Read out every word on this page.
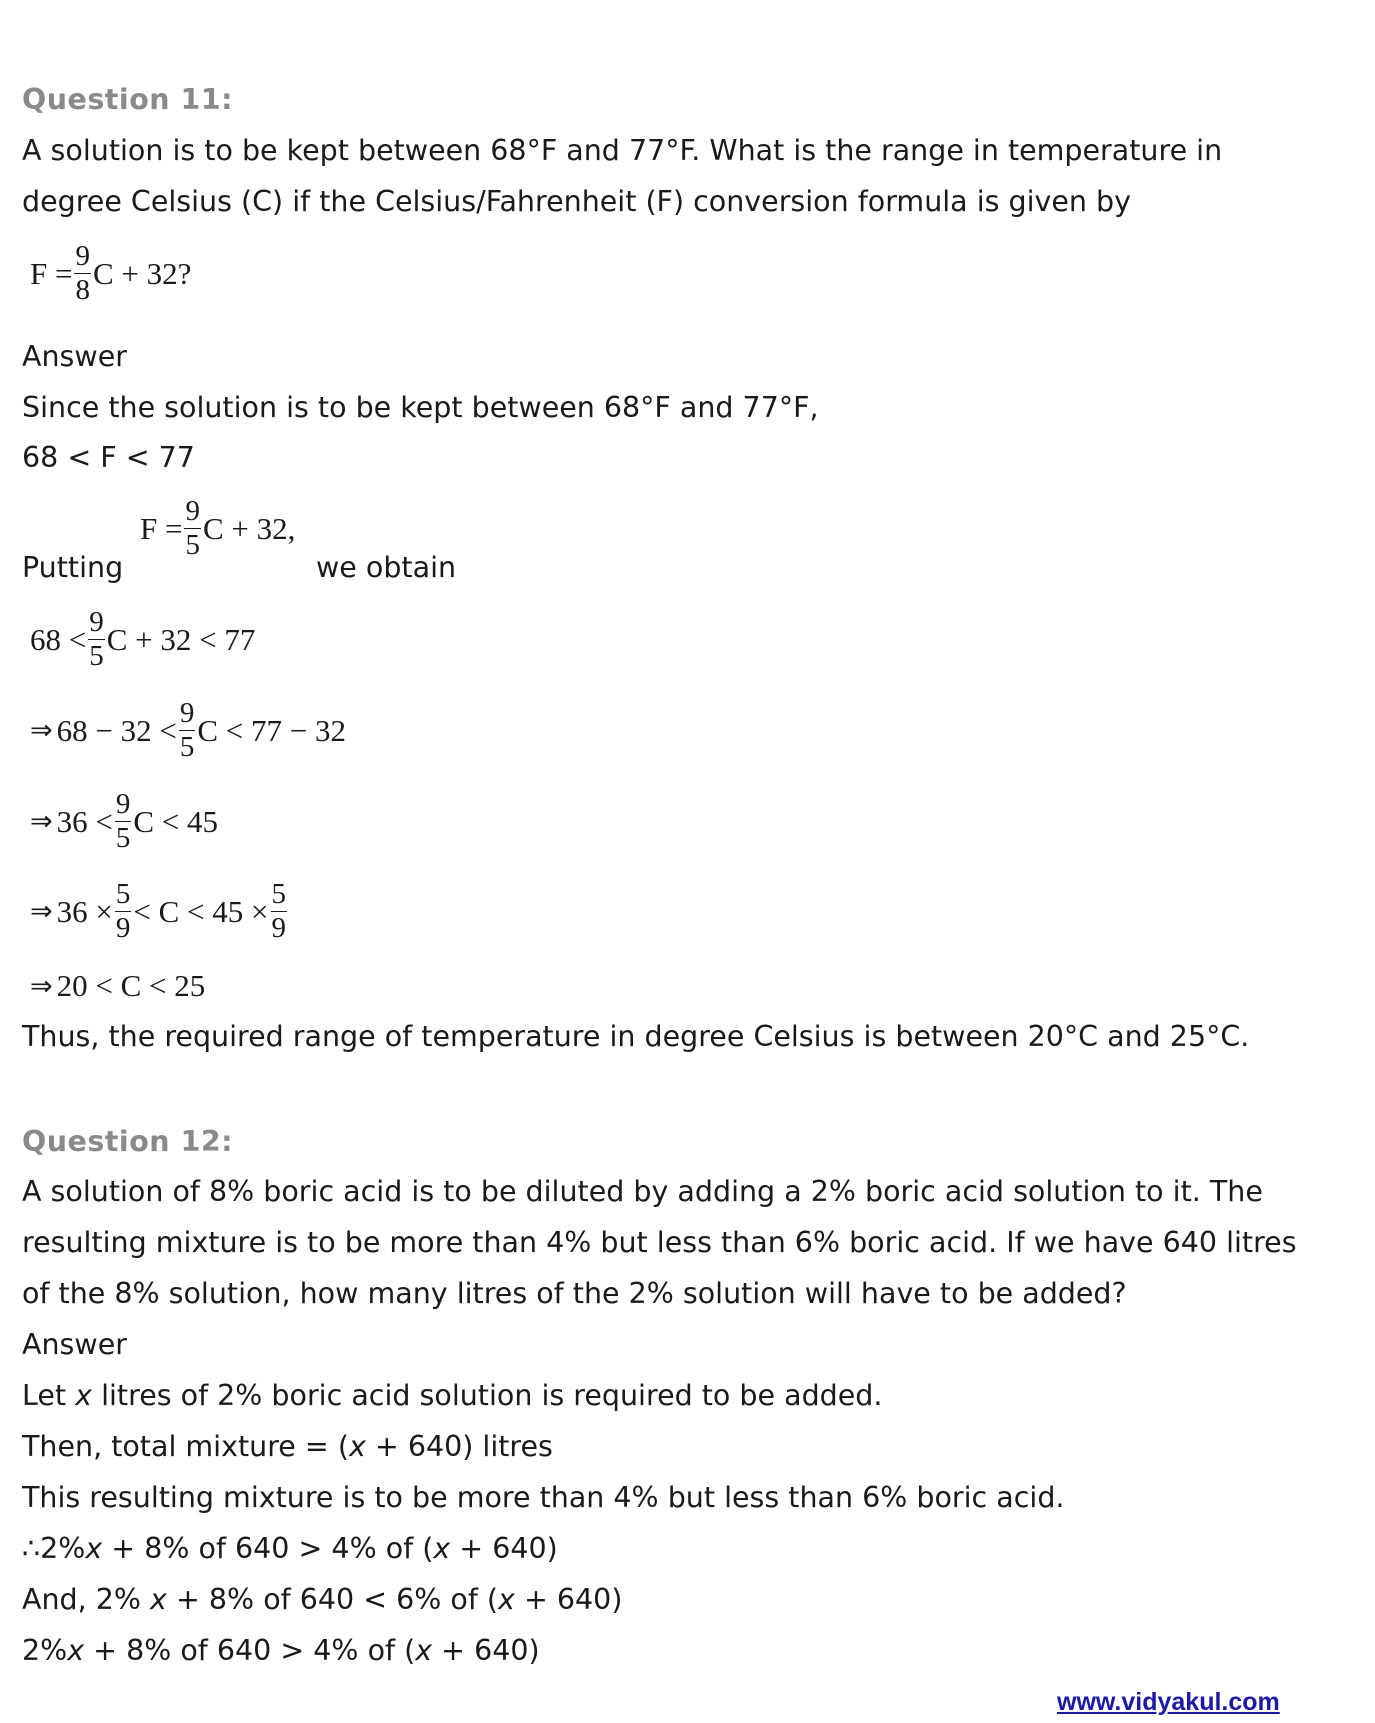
Question 11:
A solution is to be kept between 68°F and 77°F. What is the range in temperature in
degree Celsius (C) if the Celsius/Fahrenheit (F) conversion formula is given by
$F = \frac{9}{8}$ C + 32?
Answer
Since the solution is to be kept between 68°F and 77°F,
68 < F < 77
Putting
$F = \frac{9}{5}$ C + 32,
we obtain
$68 < \frac{9}{5}$ C + 32 < 77
⇒ $68 - 32 < \frac{9}{5}$ C < 77 − 32
⇒ $36 < \frac{9}{5}$ C < 45
⇒ $36 \times \frac{5}{9} < C < 45 \times \frac{5}{9}$
⇒ 20 < C < 25
Thus, the required range of temperature in degree Celsius is between 20°C and 25°C.
Question 12:
A solution of 8% boric acid is to be diluted by adding a 2% boric acid solution to it. The
resulting mixture is to be more than 4% but less than 6% boric acid. If we have 640 litres
of the 8% solution, how many litres of the 2% solution will have to be added?
Answer
Let x litres of 2% boric acid solution is required to be added.
Then, total mixture = (x + 640) litres
This resulting mixture is to be more than 4% but less than 6% boric acid.
∴2%x + 8% of 640 > 4% of (x + 640)
And, 2% x + 8% of 640 < 6% of (x + 640)
2%x + 8% of 640 > 4% of (x + 640)
www.vidyakul.com
